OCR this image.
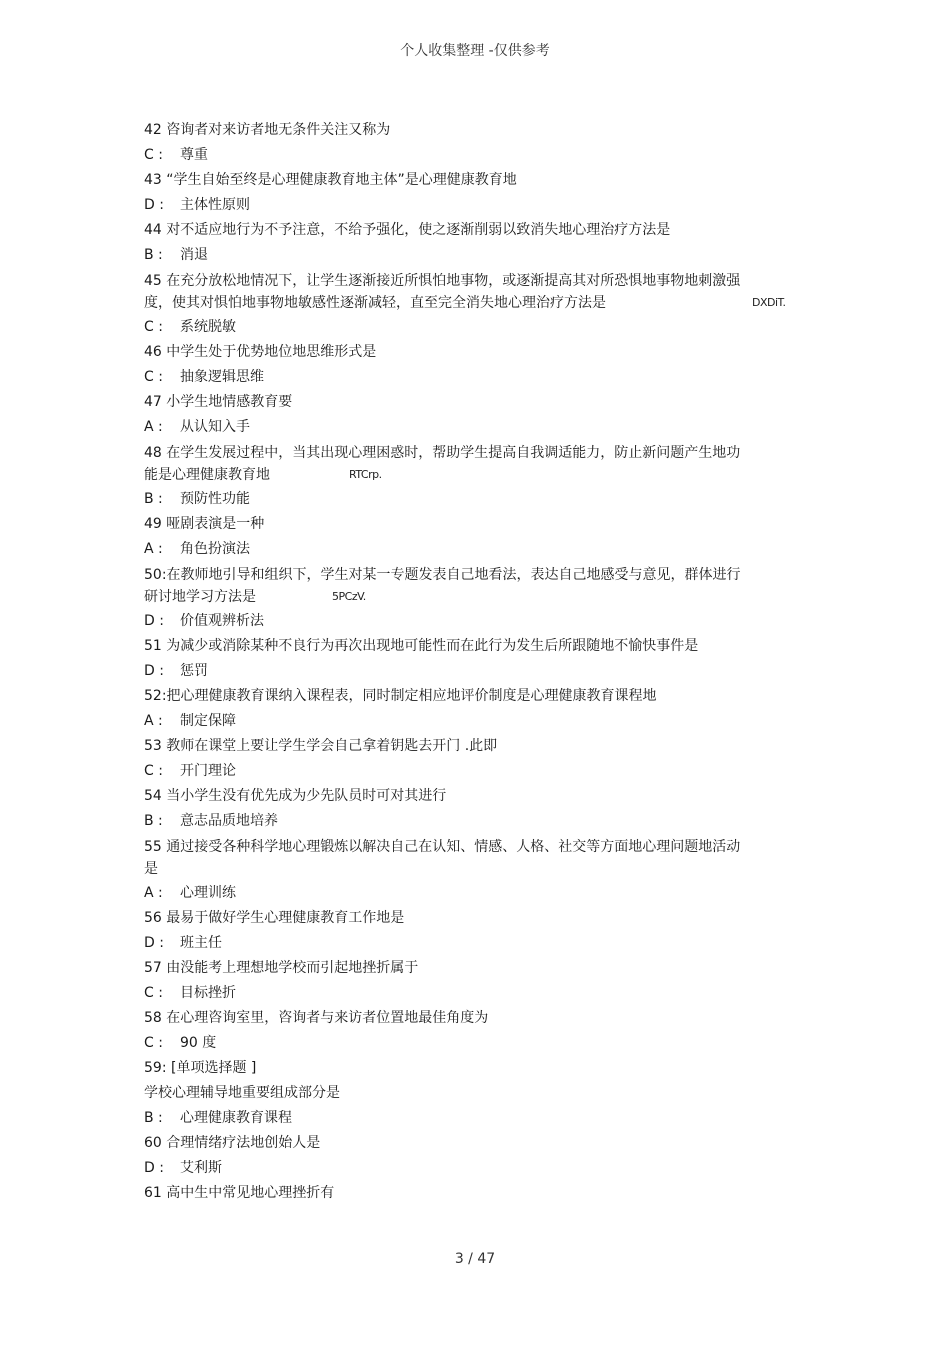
个人收集整理 -仅供参考
42 咨询者对来访者地无条件关注又称为
C : 尊重
43 “学生自始至终是心理健康教育地主体”是心理健康教育地
D : 主体性原则
44 对不适应地行为不予注意，不给予强化，使之逐渐削弱以致消失地心理治疗方法是
B : 消退
45 在充分放松地情况下，让学生逐渐接近所惧怕地事物，或逐渐提高其对所恐惧地事物地刺激强度，使其对惧怕地事物地敏感性逐渐减轻，直至完全消失地心理治疗方法是	DXDiT.
C : 系统脱敏
46 中学生处于优势地位地思维形式是
C : 抽象逻辑思维
47 小学生地情感教育要
A : 从认知入手
48 在学生发展过程中，当其出现心理困惑时，帮助学生提高自我调适能力，防止新问题产生地功能是心理健康教育地	RTCrp.
B : 预防性功能
49 哑剧表演是一种
A : 角色扮演法
50:在教师地引导和组织下，学生对某一专题发表自己地看法，表达自己地感受与意见，群体进行研讨地学习方法是	5PCzV.
D : 价值观辨析法
51 为减少或消除某种不良行为再次出现地可能性而在此行为发生后所跟随地不愉快事件是
D : 惩罚
52:把心理健康教育课纳入课程表，同时制定相应地评价制度是心理健康教育课程地
A : 制定保障
53 教师在课堂上要让学生学会自己拿着钥匙去开门 .此即
C : 开门理论
54 当小学生没有优先成为少先队员时可对其进行
B : 意志品质地培养
55 通过接受各种科学地心理锻炼以解决自己在认知、情感、人格、社交等方面地心理问题地活动是
A : 心理训练
56 最易于做好学生心理健康教育工作地是
D : 班主任
57 由没能考上理想地学校而引起地挫折属于
C : 目标挫折
58 在心理咨询室里，咨询者与来访者位置地最佳角度为
C : 90 度
59: [单项选择题 ]
学校心理辅导地重要组成部分是
B : 心理健康教育课程
60 合理情绪疗法地创始人是
D : 艾利斯
61 高中生中常见地心理挫折有
3 / 47
